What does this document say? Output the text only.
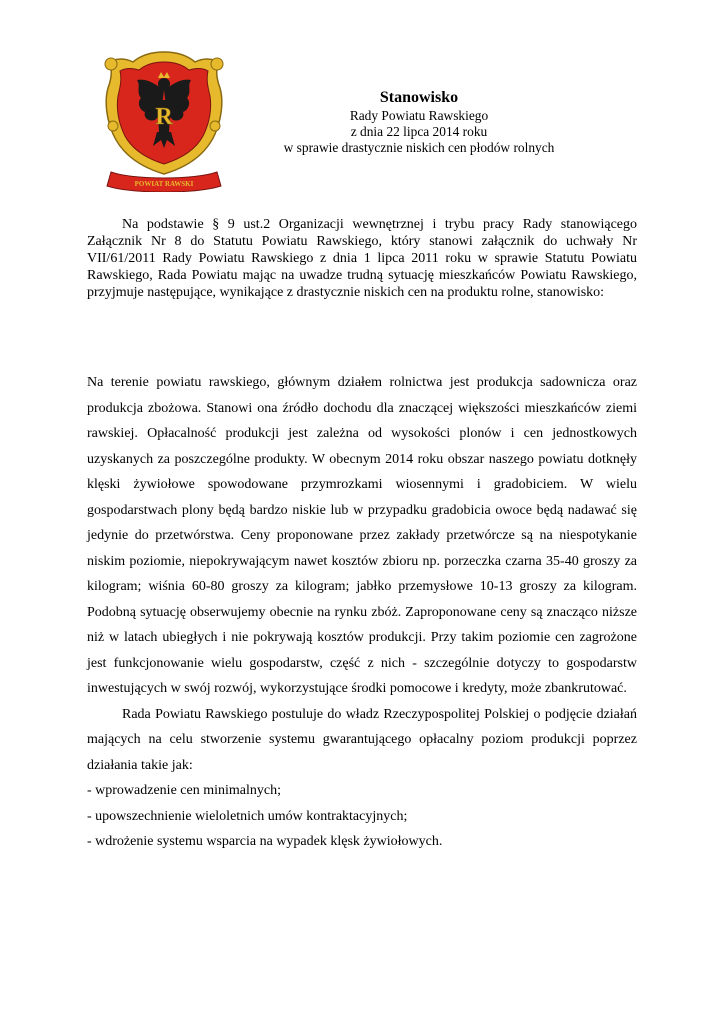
R
POWIAT RAWSKI
Stanowisko
Rady Powiatu Rawskiego
z dnia 22 lipca 2014 roku
w sprawie drastycznie niskich cen płodów rolnych

Na podstawie § 9 ust.2 Organizacji wewnętrznej i trybu pracy Rady stanowiącego Załącznik Nr 8 do Statutu Powiatu Rawskiego, który stanowi załącznik do uchwały Nr VII/61/2011 Rady Powiatu Rawskiego z dnia 1 lipca 2011 roku w sprawie Statutu Powiatu Rawskiego, Rada Powiatu mając na uwadze trudną sytuację mieszkańców Powiatu Rawskiego, przyjmuje następujące, wynikające z drastycznie niskich cen na produktu rolne, stanowisko:

Na terenie powiatu rawskiego, głównym działem rolnictwa jest produkcja sadownicza oraz produkcja zbożowa. Stanowi ona źródło dochodu dla znaczącej większości mieszkańców ziemi rawskiej. Opłacalność produkcji jest zależna od wysokości plonów i cen jednostkowych uzyskanych za poszczególne produkty. W obecnym 2014 roku obszar naszego powiatu dotknęły klęski żywiołowe spowodowane przymrozkami wiosennymi i gradobiciem. W wielu gospodarstwach plony będą bardzo niskie lub w przypadku gradobicia owoce będą nadawać się jedynie do przetwórstwa. Ceny proponowane przez zakłady przetwórcze są na niespotykanie niskim poziomie, niepokrywającym nawet kosztów zbioru np. porzeczka czarna 35-40 groszy za kilogram; wiśnia 60-80 groszy za kilogram; jabłko przemysłowe 10-13 groszy za kilogram. Podobną sytuację obserwujemy obecnie na rynku zbóż. Zaproponowane ceny są znacząco niższe niż w latach ubiegłych i nie pokrywają kosztów produkcji. Przy takim poziomie cen zagrożone jest funkcjonowanie wielu gospodarstw, część z nich - szczególnie dotyczy to gospodarstw inwestujących w swój rozwój, wykorzystujące środki pomocowe i kredyty, może zbankrutować.

Rada Powiatu Rawskiego postuluje do władz Rzeczypospolitej Polskiej o podjęcie działań mających na celu stworzenie systemu gwarantującego opłacalny poziom produkcji poprzez działania takie jak:

- wprowadzenie cen minimalnych;

- upowszechnienie wieloletnich umów kontraktacyjnych;

- wdrożenie systemu wsparcia na wypadek klęsk żywiołowych.
